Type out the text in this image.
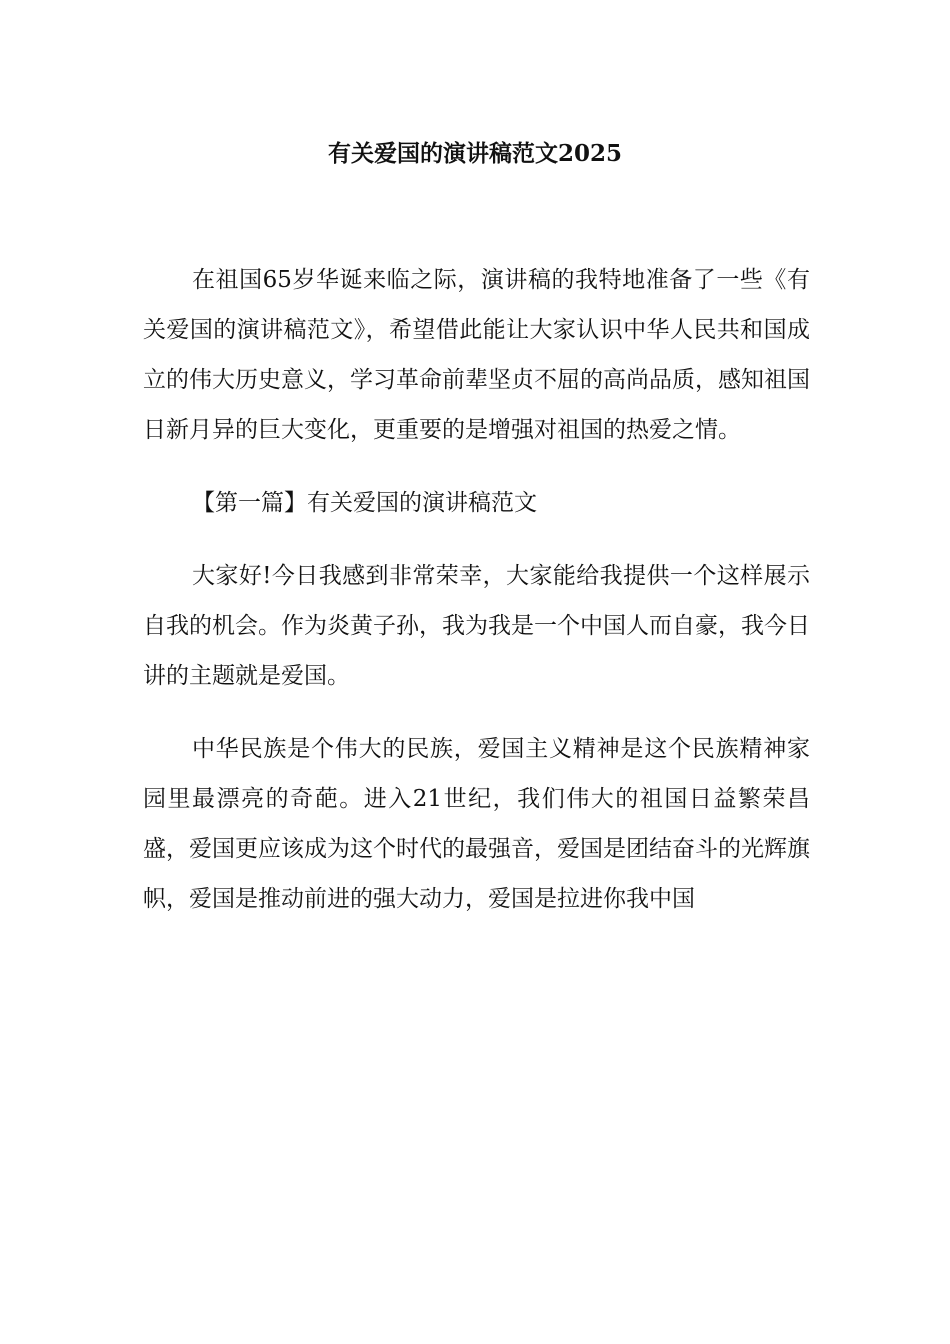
有关爱国的演讲稿范文2025

在祖国65岁华诞来临之际，演讲稿的我特地准备了一些《有关爱国的演讲稿范文》，希望借此能让大家认识中华人民共和国成立的伟大历史意义，学习革命前辈坚贞不屈的高尚品质，感知祖国日新月异的巨大变化，更重要的是增强对祖国的热爱之情。

【第一篇】有关爱国的演讲稿范文

大家好!今日我感到非常荣幸，大家能给我提供一个这样展示自我的机会。作为炎黄子孙，我为我是一个中国人而自豪，我今日讲的主题就是爱国。

中华民族是个伟大的民族，爱国主义精神是这个民族精神家园里最漂亮的奇葩。进入21世纪，我们伟大的祖国日益繁荣昌盛，爱国更应该成为这个时代的最强音，爱国是团结奋斗的光辉旗帜，爱国是推动前进的强大动力，爱国是拉进你我中国
